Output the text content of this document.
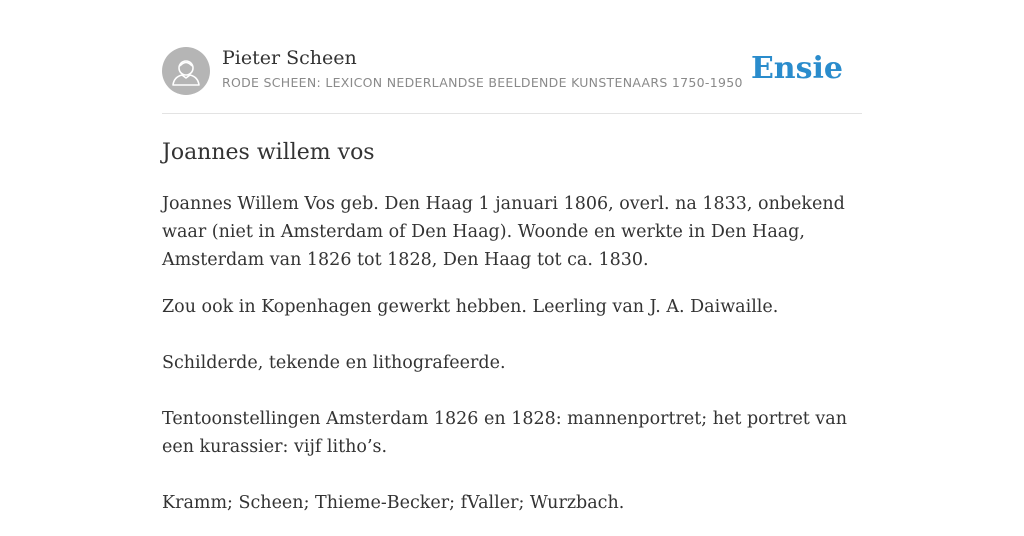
Pieter Scheen
RODE SCHEEN: LEXICON NEDERLANDSE BEELDENDE KUNSTENAARS 1750-1950 Ensie
Joannes willem vos

Joannes Willem Vos geb. Den Haag 1 januari 1806, overl. na 1833, onbekend waar (niet in Amsterdam of Den Haag). Woonde en werkte in Den Haag, Amsterdam van 1826 tot 1828, Den Haag tot ca. 1830.

Zou ook in Kopenhagen gewerkt hebben. Leerling van J. A. Daiwaille.

Schilderde, tekende en lithografeerde.

Tentoonstellingen Amsterdam 1826 en 1828: mannenportret; het portret van een kurassier: vijf litho’s.

Kramm; Scheen; Thieme-Becker; fValler; Wurzbach.
